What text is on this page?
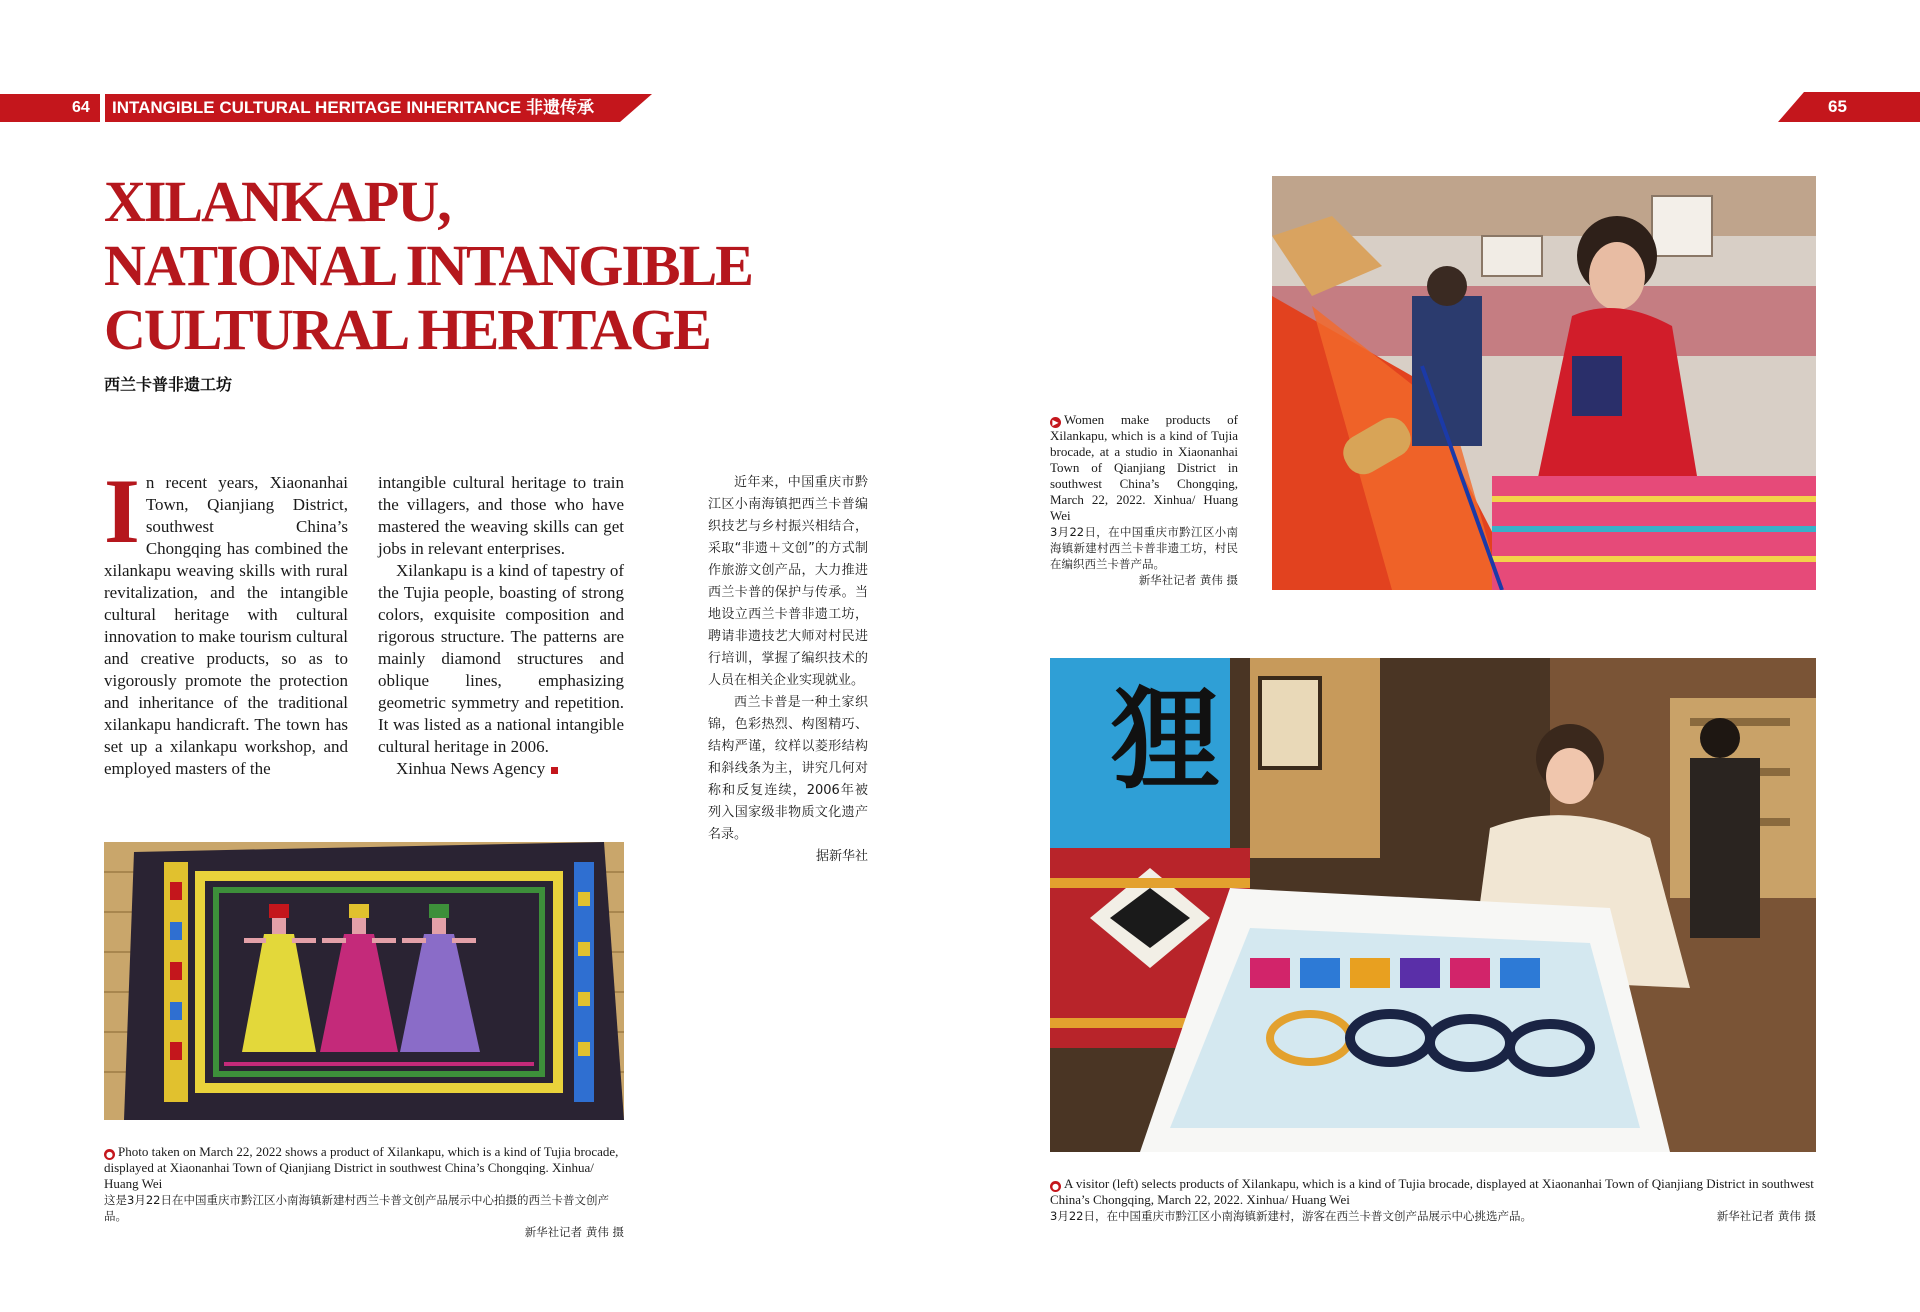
64 INTANGIBLE CULTURAL HERITAGE INHERITANCE 非遗传承	65
XILANKAPU,
NATIONAL INTANGIBLE
CULTURAL HERITAGE
西兰卡普非遗工坊
In recent years, Xiaonanhai Town, Qianjiang District, southwest China’s Chongqing has combined the xilankapu weaving skills with rural revitalization, and the intangible cultural heritage with cultural innovation to make tourism cultural and creative products, so as to vigorously promote the protection and inheritance of the traditional xilankapu handicraft. The town has set up a xilankapu workshop, and employed masters of the

intangible cultural heritage to train the villagers, and those who have mastered the weaving skills can get jobs in relevant enterprises.

Xilankapu is a kind of tapestry of the Tujia people, boasting of strong colors, exquisite composition and rigorous structure. The patterns are mainly diamond structures and oblique lines, emphasizing geometric symmetry and repetition. It was listed as a national intangible cultural heritage in 2006.

Xinhua News Agency

近年来，中国重庆市黔江区小南海镇把西兰卡普编织技艺与乡村振兴相结合，采取“非遗＋文创”的方式制作旅游文创产品，大力推进西兰卡普的保护与传承。当地设立西兰卡普非遗工坊，聘请非遗技艺大师对村民进行培训，掌握了编织技术的人员在相关企业实现就业。

西兰卡普是一种土家织锦，色彩热烈、构图精巧、结构严谨，纹样以菱形结构和斜线条为主，讲究几何对称和反复连续，2006年被列入国家级非物质文化遗产名录。

据新华社

狸

● Photo taken on March 22, 2022 shows a product of Xilankapu, which is a kind of Tujia brocade, displayed at Xiaonanhai Town of Qianjiang District in southwest China’s Chongqing. Xinhua/ Huang Wei

这是3月22日在中国重庆市黔江区小南海镇新建村西兰卡普文创产品展示中心拍摄的西兰卡普文创产品。

新华社记者 黄伟 摄

▶ Women make products of Xilankapu, which is a kind of Tujia brocade, at a studio in Xiaonanhai Town of Qianjiang District in southwest China’s Chongqing, March 22, 2022. Xinhua/ Huang Wei

3月22日，在中国重庆市黔江区小南海镇新建村西兰卡普非遗工坊，村民在编织西兰卡普产品。

新华社记者 黄伟 摄

● A visitor (left) selects products of Xilankapu, which is a kind of Tujia brocade, displayed at Xiaonanhai Town of Qianjiang District in southwest China’s Chongqing, March 22, 2022. Xinhua/ Huang Wei

3月22日，在中国重庆市黔江区小南海镇新建村，游客在西兰卡普文创产品展示中心挑选产品。	新华社记者 黄伟 摄
